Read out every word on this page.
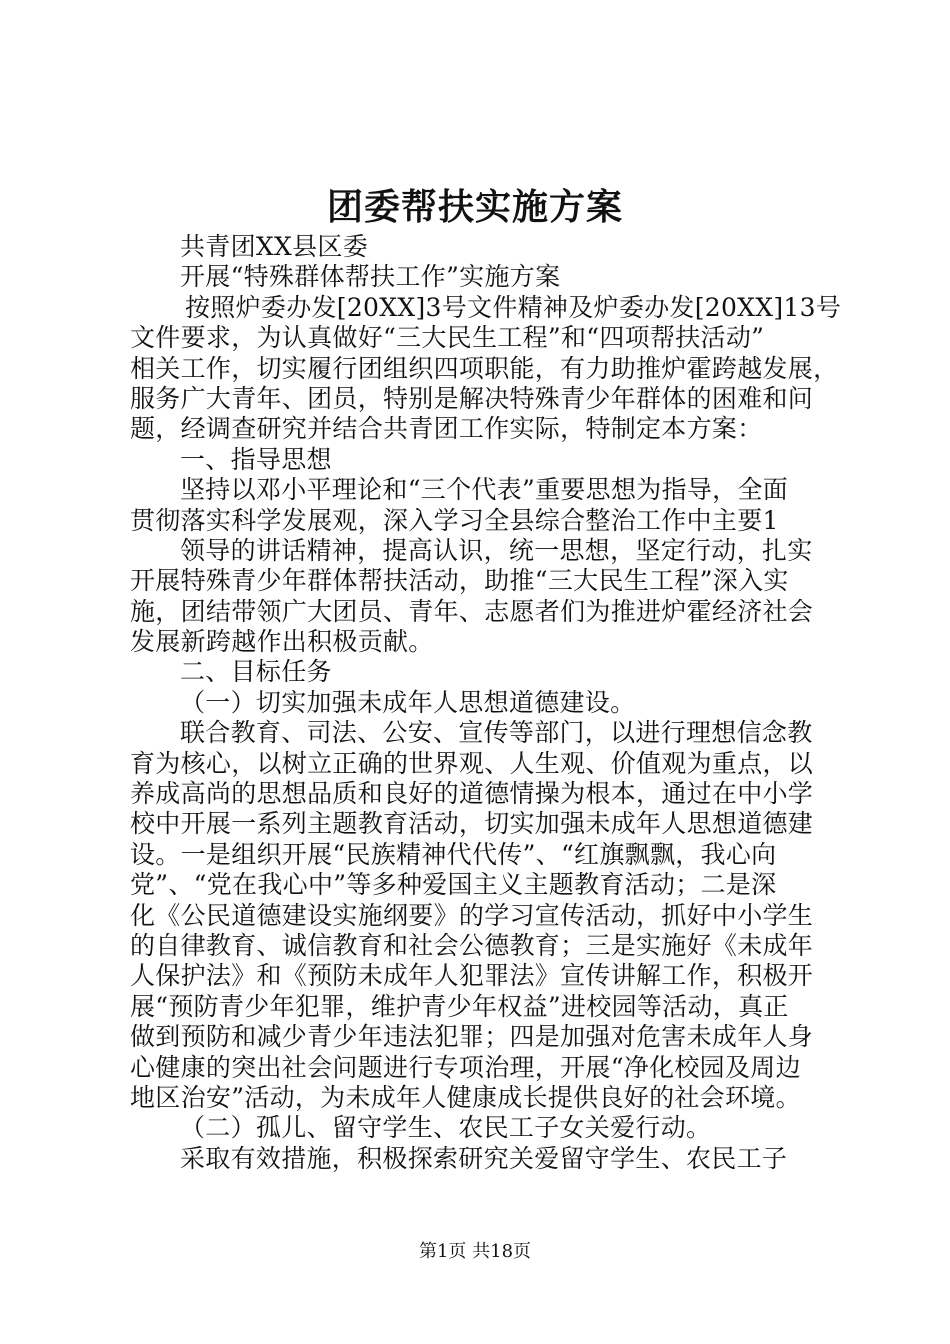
团委帮扶实施方案
共青团XX县区委
开展“特殊群体帮扶工作”实施方案
按照炉委办发[20XX]3号文件精神及炉委办发[20XX]13号
文件要求，为认真做好“三大民生工程”和“四项帮扶活动”
相关工作，切实履行团组织四项职能，有力助推炉霍跨越发展，
服务广大青年、团员，特别是解决特殊青少年群体的困难和问
题，经调查研究并结合共青团工作实际，特制定本方案：
一、指导思想
坚持以邓小平理论和“三个代表”重要思想为指导，全面
贯彻落实科学发展观，深入学习全县综合整治工作中主要1
领导的讲话精神，提高认识，统一思想，坚定行动，扎实
开展特殊青少年群体帮扶活动，助推“三大民生工程”深入实
施，团结带领广大团员、青年、志愿者们为推进炉霍经济社会
发展新跨越作出积极贡献。
二、目标任务
（一）切实加强未成年人思想道德建设。
联合教育、司法、公安、宣传等部门，以进行理想信念教
育为核心，以树立正确的世界观、人生观、价值观为重点，以
养成高尚的思想品质和良好的道德情操为根本，通过在中小学
校中开展一系列主题教育活动，切实加强未成年人思想道德建
设。一是组织开展“民族精神代代传”、“红旗飘飘，我心向
党”、“党在我心中”等多种爱国主义主题教育活动；二是深
化《公民道德建设实施纲要》的学习宣传活动，抓好中小学生
的自律教育、诚信教育和社会公德教育；三是实施好《未成年
人保护法》和《预防未成年人犯罪法》宣传讲解工作，积极开
展“预防青少年犯罪，维护青少年权益”进校园等活动，真正
做到预防和减少青少年违法犯罪；四是加强对危害未成年人身
心健康的突出社会问题进行专项治理，开展“净化校园及周边
地区治安”活动，为未成年人健康成长提供良好的社会环境。
（二）孤儿、留守学生、农民工子女关爱行动。
采取有效措施，积极探索研究关爱留守学生、农民工子
第1页 共18页
